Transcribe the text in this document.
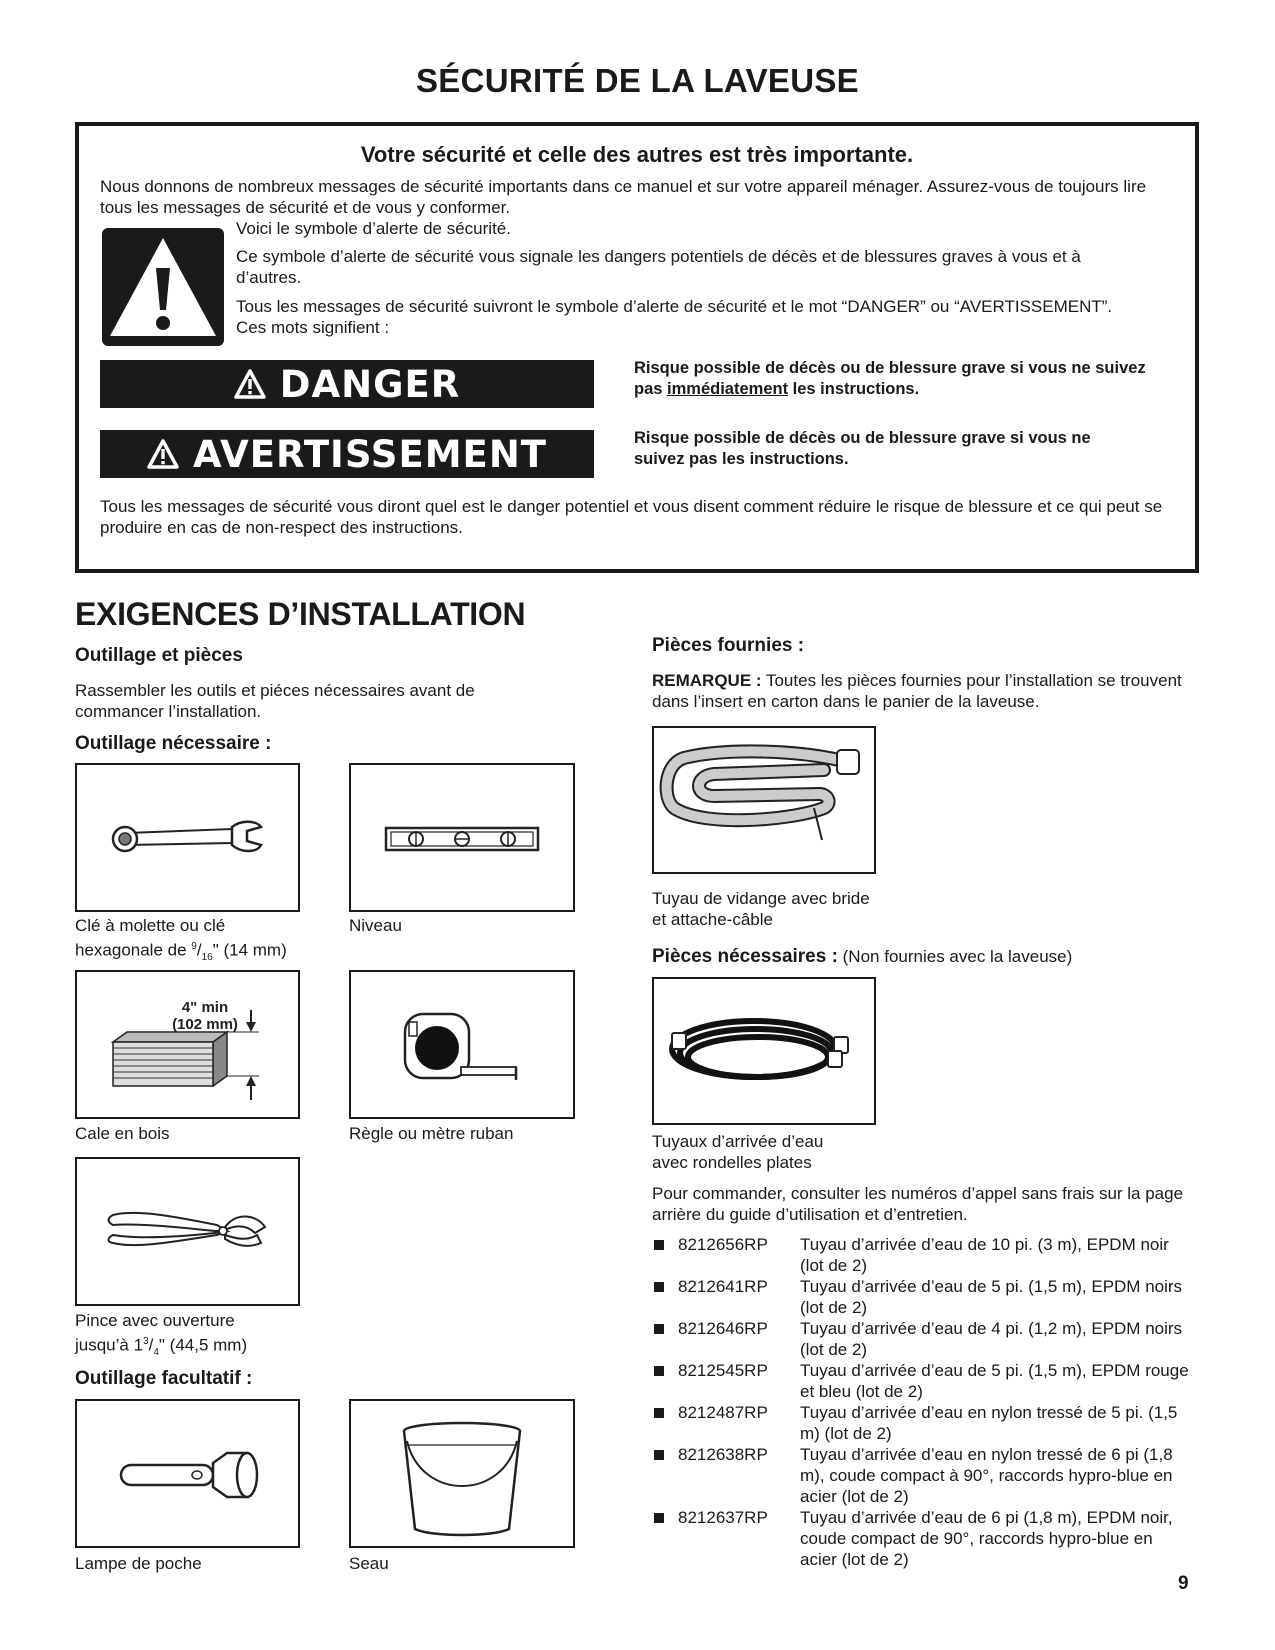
SÉCURITÉ DE LA LAVEUSE
Votre sécurité et celle des autres est très importante.
Nous donnons de nombreux messages de sécurité importants dans ce manuel et sur votre appareil ménager. Assurez-vous de toujours lire tous les messages de sécurité et de vous y conformer.
Voici le symbole d’alerte de sécurité.
Ce symbole d’alerte de sécurité vous signale les dangers potentiels de décès et de blessures graves à vous et à d’autres.
Tous les messages de sécurité suivront le symbole d’alerte de sécurité et le mot “DANGER” ou “AVERTISSEMENT”. Ces mots signifient :
DANGER	Risque possible de décès ou de blessure grave si vous ne suivez pas immédiatement les instructions.
AVERTISSEMENT	Risque possible de décès ou de blessure grave si vous ne suivez pas les instructions.
Tous les messages de sécurité vous diront quel est le danger potentiel et vous disent comment réduire le risque de blessure et ce qui peut se produire en cas de non-respect des instructions.
EXIGENCES D’INSTALLATION
Outillage et pièces
Rassembler les outils et piéces nécessaires avant de commancer l’installation.
Outillage nécessaire :
Clé à molette ou clé
hexagonale de $^9/_{16}$" (14 mm)
Niveau
4" min
(102 mm)
Cale en bois	Règle ou mètre ruban
Pince avec ouverture
jusqu’à $1^3/_4$" (44,5 mm)
Outillage facultatif :
Lampe de poche	Seau
Pièces fournies :
REMARQUE : Toutes les pièces fournies pour l’installation se trouvent dans l’insert en carton dans le panier de la laveuse.
Tuyau de vidange avec bride
et attache-câble
Pièces nécessaires : (Non fournies avec la laveuse)
Tuyaux d’arrivée d’eau
avec rondelles plates
Pour commander, consulter les numéros d’appel sans frais sur la page arrière du guide d’utilisation et d’entretien.
8212656RP	Tuyau d’arrivée d’eau de 10 pi. (3 m), EPDM noir (lot de 2)
8212641RP	Tuyau d’arrivée d’eau de 5 pi. (1,5 m), EPDM noirs (lot de 2)
8212646RP	Tuyau d’arrivée d’eau de 4 pi. (1,2 m), EPDM noirs (lot de 2)
8212545RP	Tuyau d’arrivée d’eau de 5 pi. (1,5 m), EPDM rouge et bleu (lot de 2)
8212487RP	Tuyau d’arrivée d’eau en nylon tressé de 5 pi. (1,5 m) (lot de 2)
8212638RP	Tuyau d’arrivée d’eau en nylon tressé de 6 pi (1,8 m), coude compact à 90°, raccords hypro-blue en acier (lot de 2)
8212637RP	Tuyau d’arrivée d’eau de 6 pi (1,8 m), EPDM noir, coude compact de 90°, raccords hypro-blue en acier (lot de 2)
9
